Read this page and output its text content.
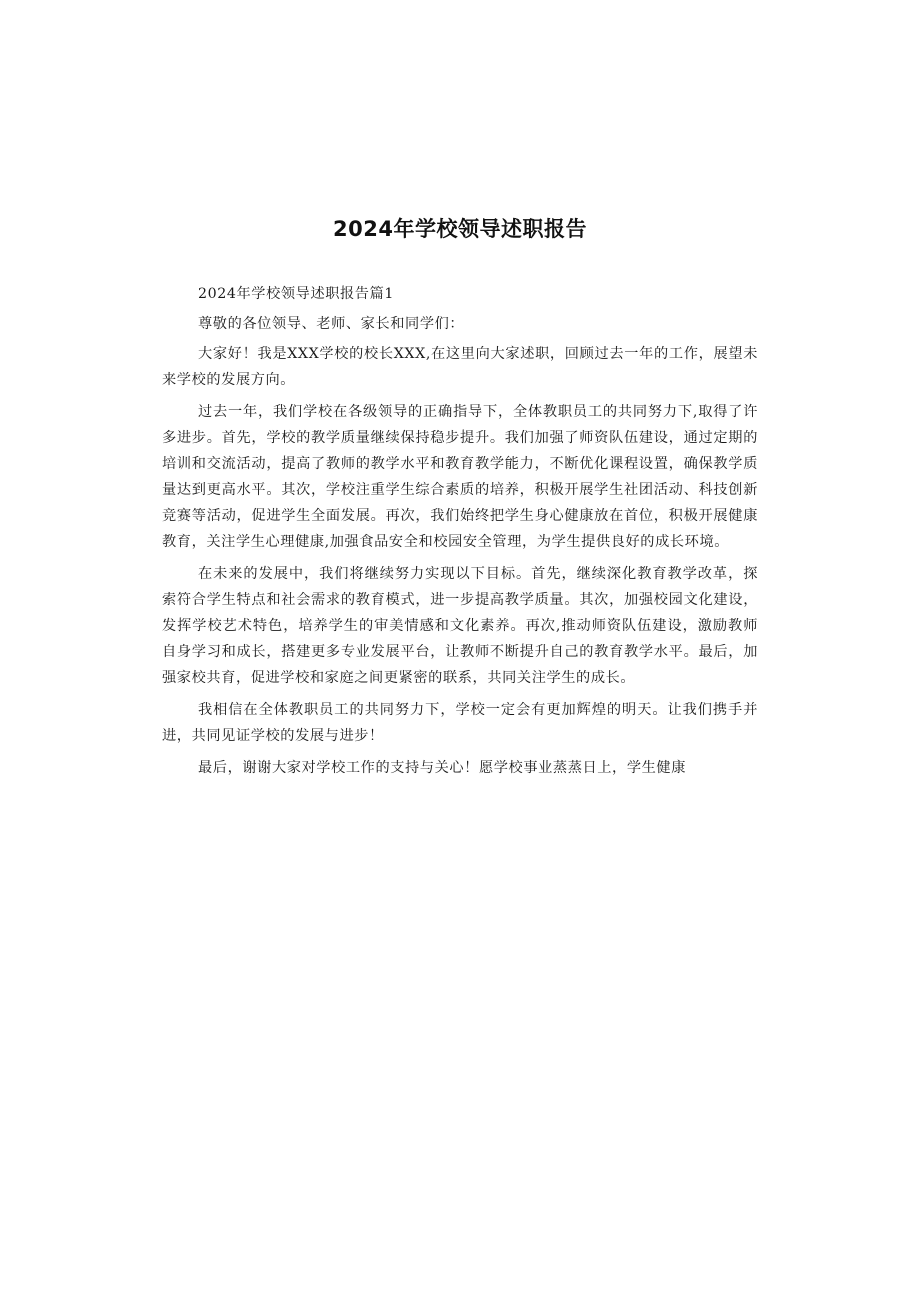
2024年学校领导述职报告

2024年学校领导述职报告篇1

尊敬的各位领导、老师、家长和同学们：

大家好！我是XXX学校的校长XXX,在这里向大家述职，回顾过去一年的工作，展望未来学校的发展方向。

过去一年，我们学校在各级领导的正确指导下，全体教职员工的共同努力下,取得了许多进步。首先，学校的教学质量继续保持稳步提升。我们加强了师资队伍建设，通过定期的培训和交流活动，提高了教师的教学水平和教育教学能力，不断优化课程设置，确保教学质量达到更高水平。其次，学校注重学生综合素质的培养，积极开展学生社团活动、科技创新竞赛等活动，促进学生全面发展。再次，我们始终把学生身心健康放在首位，积极开展健康教育，关注学生心理健康,加强食品安全和校园安全管理，为学生提供良好的成长环境。

在未来的发展中，我们将继续努力实现以下目标。首先，继续深化教育教学改革，探索符合学生特点和社会需求的教育模式，进一步提高教学质量。其次，加强校园文化建设，发挥学校艺术特色，培养学生的审美情感和文化素养。再次,推动师资队伍建设，激励教师自身学习和成长，搭建更多专业发展平台，让教师不断提升自己的教育教学水平。最后，加强家校共育，促进学校和家庭之间更紧密的联系，共同关注学生的成长。

我相信在全体教职员工的共同努力下，学校一定会有更加辉煌的明天。让我们携手并进，共同见证学校的发展与进步！

最后，谢谢大家对学校工作的支持与关心！愿学校事业蒸蒸日上，学生健康
